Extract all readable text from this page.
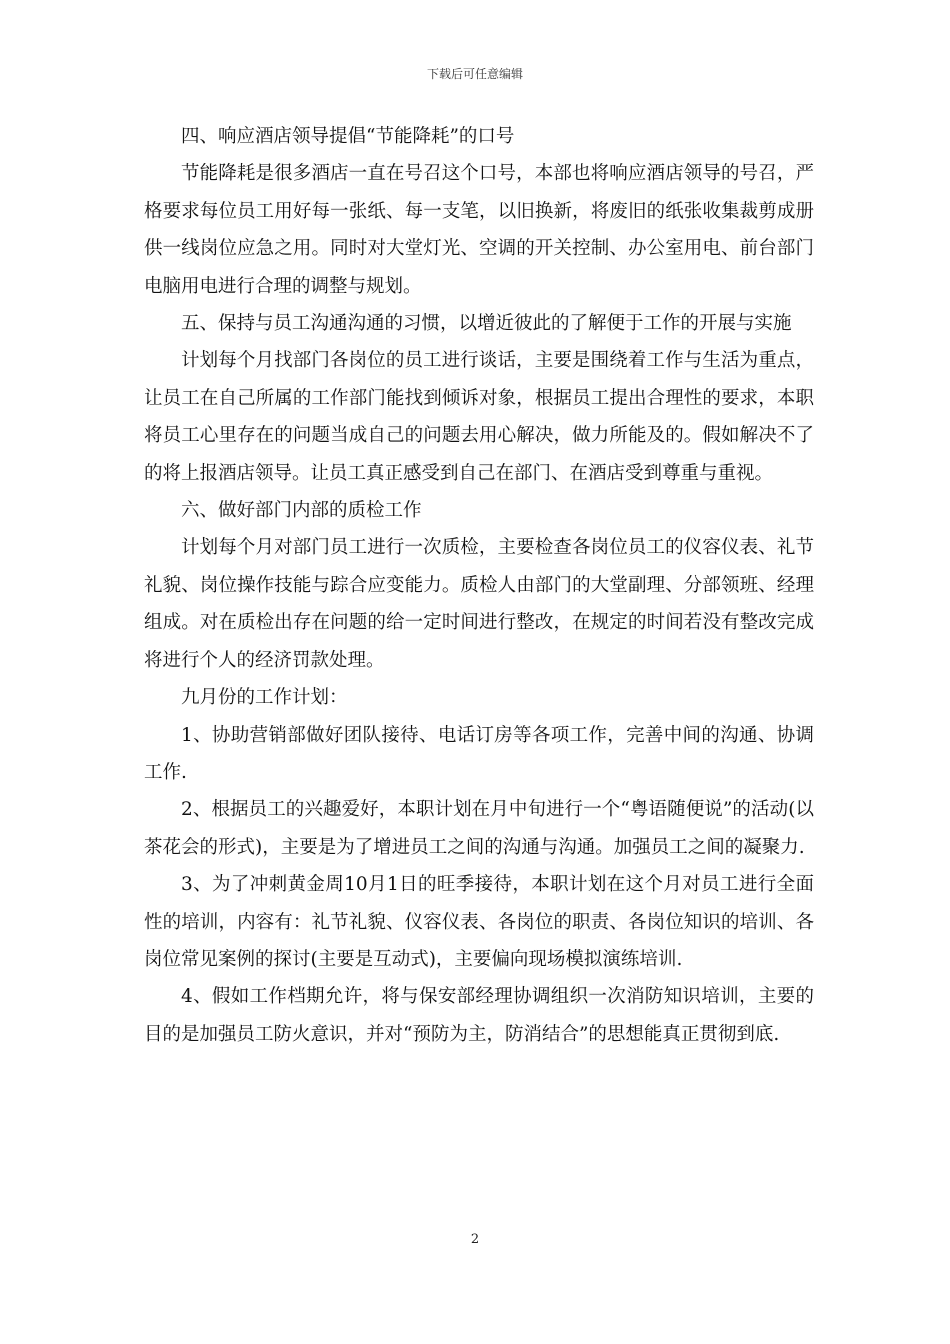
下载后可任意编辑

四、响应酒店领导提倡“节能降耗”的口号

节能降耗是很多酒店一直在号召这个口号，本部也将响应酒店领导的号召，严格要求每位员工用好每一张纸、每一支笔，以旧换新，将废旧的纸张收集裁剪成册供一线岗位应急之用。同时对大堂灯光、空调的开关控制、办公室用电、前台部门电脑用电进行合理的调整与规划。

五、保持与员工沟通沟通的习惯，以增近彼此的了解便于工作的开展与实施

计划每个月找部门各岗位的员工进行谈话，主要是围绕着工作与生活为重点，让员工在自己所属的工作部门能找到倾诉对象，根据员工提出合理性的要求，本职将员工心里存在的问题当成自己的问题去用心解决，做力所能及的。假如解决不了的将上报酒店领导。让员工真正感受到自己在部门、在酒店受到尊重与重视。

六、做好部门内部的质检工作

计划每个月对部门员工进行一次质检，主要检查各岗位员工的仪容仪表、礼节礼貌、岗位操作技能与踪合应变能力。质检人由部门的大堂副理、分部领班、经理组成。对在质检出存在问题的给一定时间进行整改，在规定的时间若没有整改完成将进行个人的经济罚款处理。

九月份的工作计划：

1、协助营销部做好团队接待、电话订房等各项工作，完善中间的沟通、协调工作.

2、根据员工的兴趣爱好，本职计划在月中旬进行一个“粤语随便说”的活动(以茶花会的形式)，主要是为了增进员工之间的沟通与沟通。加强员工之间的凝聚力.

3、为了冲刺黄金周10月1日的旺季接待，本职计划在这个月对员工进行全面性的培训，内容有：礼节礼貌、仪容仪表、各岗位的职责、各岗位知识的培训、各岗位常见案例的探讨(主要是互动式)，主要偏向现场模拟演练培训.

4、假如工作档期允许，将与保安部经理协调组织一次消防知识培训，主要的目的是加强员工防火意识，并对“预防为主，防消结合”的思想能真正贯彻到底.

2
